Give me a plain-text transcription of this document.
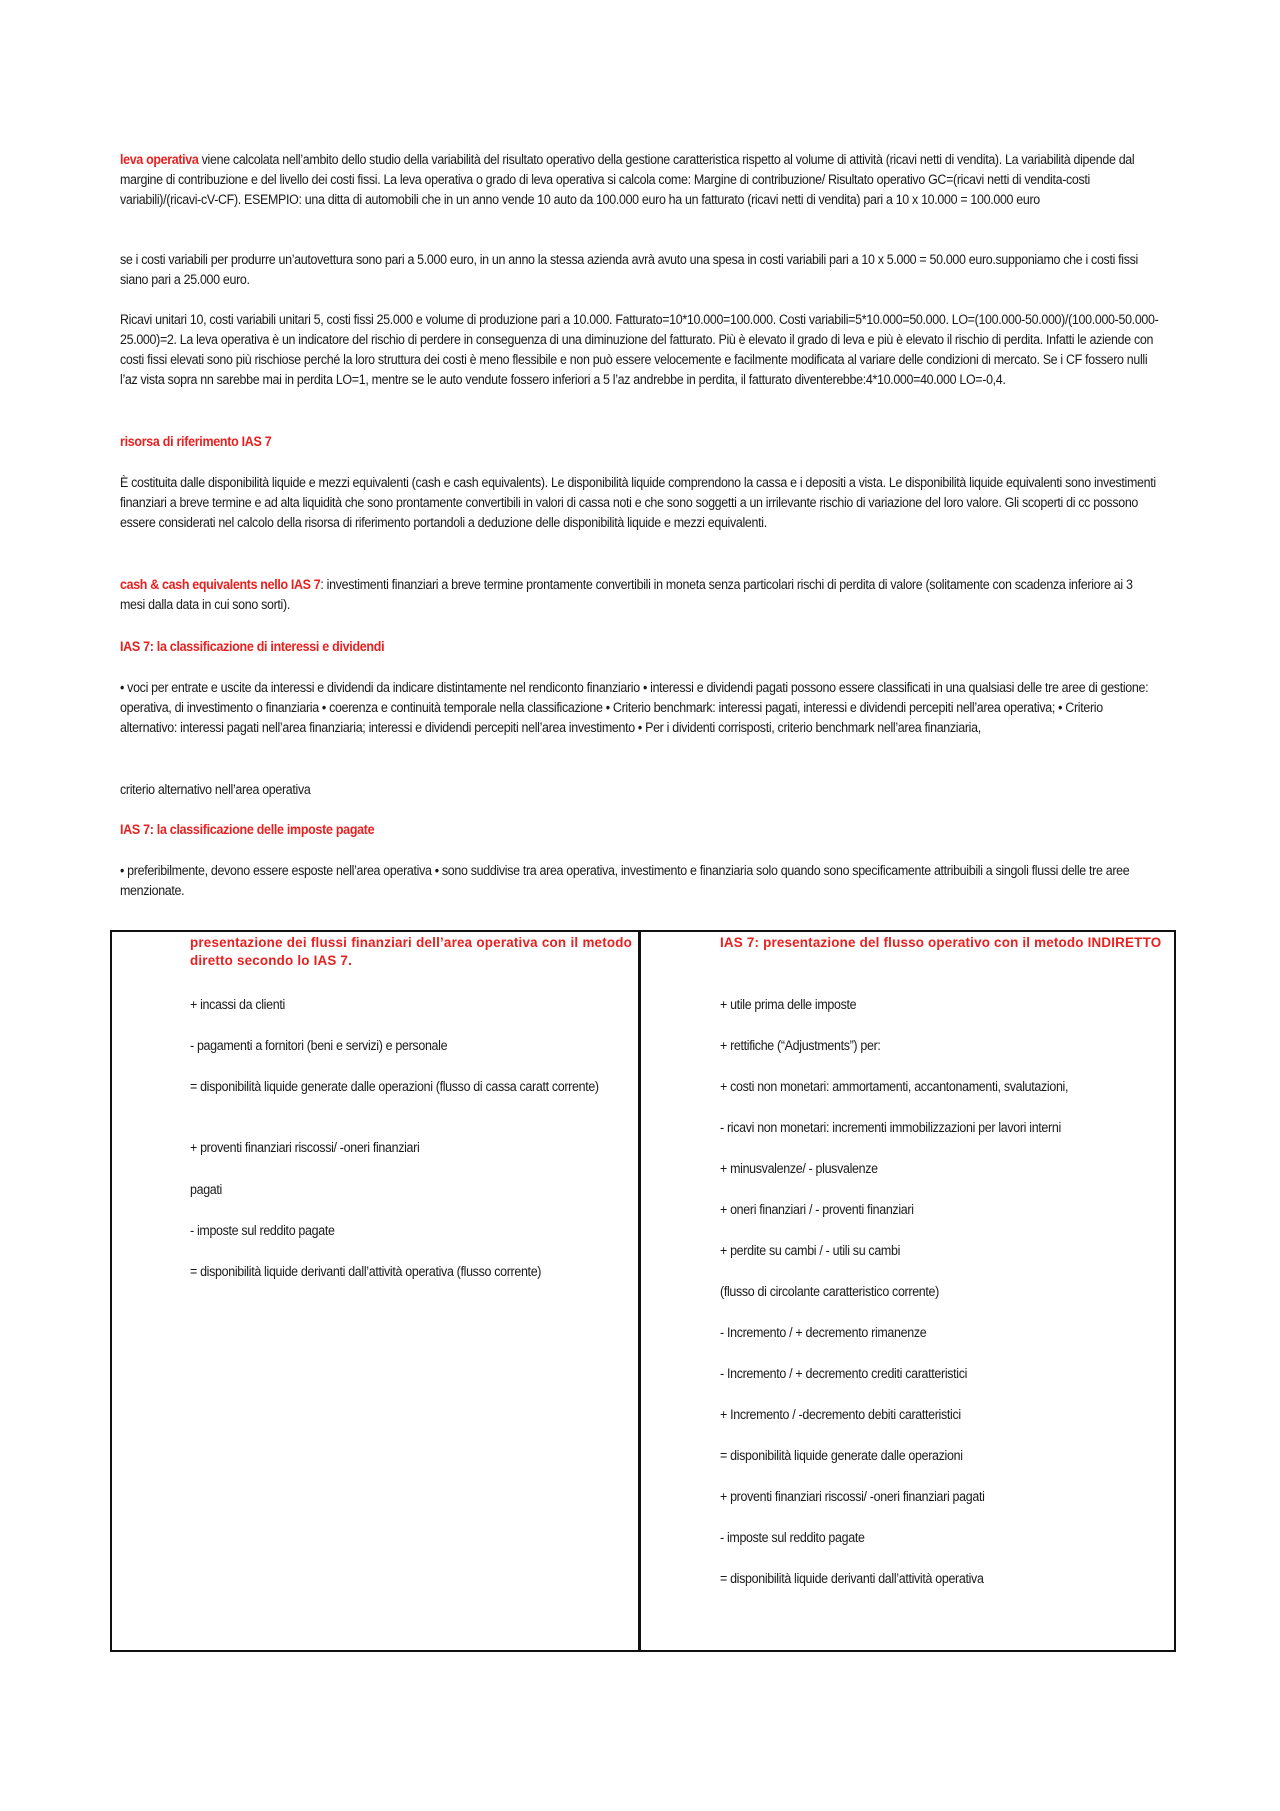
leva operativa viene calcolata nell’ambito dello studio della variabilità del risultato operativo della gestione caratteristica rispetto al volume di attività (ricavi netti di vendita). La variabilità dipende dal margine di contribuzione e del livello dei costi fissi. La leva operativa o grado di leva operativa si calcola come: Margine di contribuzione/ Risultato operativo GC=(ricavi netti di vendita-costi variabili)/(ricavi-cV-CF). ESEMPIO: una ditta di automobili che in un anno vende 10 auto da 100.000 euro ha un fatturato (ricavi netti di vendita) pari a 10 x 10.000 = 100.000 euro
se i costi variabili per produrre un’autovettura sono pari a 5.000 euro, in un anno la stessa azienda avrà avuto una spesa in costi variabili pari a 10 x 5.000 = 50.000 euro.supponiamo che i costi fissi siano pari a 25.000 euro.
Ricavi unitari 10, costi variabili unitari 5, costi fissi 25.000 e volume di produzione pari a 10.000. Fatturato=10*10.000=100.000. Costi variabili=5*10.000=50.000. LO=(100.000-50.000)/(100.000-50.000-25.000)=2. La leva operativa è un indicatore del rischio di perdere in conseguenza di una diminuzione del fatturato. Più è elevato il grado di leva e più è elevato il rischio di perdita. Infatti le aziende con costi fissi elevati sono più rischiose perché la loro struttura dei costi è meno flessibile e non può essere velocemente e facilmente modificata al variare delle condizioni di mercato. Se i CF fossero nulli l’az vista sopra nn sarebbe mai in perdita LO=1, mentre se le auto vendute fossero inferiori a 5 l’az andrebbe in perdita, il fatturato diventerebbe:4*10.000=40.000 LO=-0,4.
risorsa di riferimento IAS 7
È costituita dalle disponibilità liquide e mezzi equivalenti (cash e cash equivalents). Le disponibilità liquide comprendono la cassa e i depositi a vista. Le disponibilità liquide equivalenti sono investimenti finanziari a breve termine e ad alta liquidità che sono prontamente convertibili in valori di cassa noti e che sono soggetti a un irrilevante rischio di variazione del loro valore. Gli scoperti di cc possono essere considerati nel calcolo della risorsa di riferimento portandoli a deduzione delle disponibilità liquide e mezzi equivalenti.
cash & cash equivalents nello IAS 7: investimenti finanziari a breve termine prontamente convertibili in moneta senza particolari rischi di perdita di valore (solitamente con scadenza inferiore ai 3 mesi dalla data in cui sono sorti).
IAS 7: la classificazione di interessi e dividendi
• voci per entrate e uscite da interessi e dividendi da indicare distintamente nel rendiconto finanziario • interessi e dividendi pagati possono essere classificati in una qualsiasi delle tre aree di gestione: operativa, di investimento o finanziaria • coerenza e continuità temporale nella classificazione • Criterio benchmark: interessi pagati, interessi e dividendi percepiti nell’area operativa; • Criterio alternativo: interessi pagati nell’area finanziaria; interessi e dividendi percepiti nell’area investimento • Per i dividenti corrisposti, criterio benchmark nell’area finanziaria,
criterio alternativo nell’area operativa
IAS 7: la classificazione delle imposte pagate
• preferibilmente, devono essere esposte nell’area operativa • sono suddivise tra area operativa, investimento e finanziaria solo quando sono specificamente attribuibili a singoli flussi delle tre aree menzionate.
presentazione dei flussi finanziari dell’area operativa con il metodo diretto secondo lo IAS 7.
+ incassi da clienti
- pagamenti a fornitori (beni e servizi) e personale
= disponibilità liquide generate dalle operazioni (flusso di cassa caratt corrente)
+ proventi finanziari riscossi/ -oneri finanziari
pagati
- imposte sul reddito pagate
= disponibilità liquide derivanti dall’attività operativa (flusso corrente)
IAS 7: presentazione del flusso operativo con il metodo INDIRETTO
+ utile prima delle imposte
+ rettifiche (“Adjustments”) per:
+ costi non monetari: ammortamenti, accantonamenti, svalutazioni,
- ricavi non monetari: incrementi immobilizzazioni per lavori interni
+ minusvalenze/ - plusvalenze
+ oneri finanziari / - proventi finanziari
+ perdite su cambi / - utili su cambi
(flusso di circolante caratteristico corrente)
- Incremento / + decremento rimanenze
- Incremento / + decremento crediti caratteristici
+ Incremento / -decremento debiti caratteristici
= disponibilità liquide generate dalle operazioni
+ proventi finanziari riscossi/ -oneri finanziari pagati
- imposte sul reddito pagate
= disponibilità liquide derivanti dall’attività operativa
